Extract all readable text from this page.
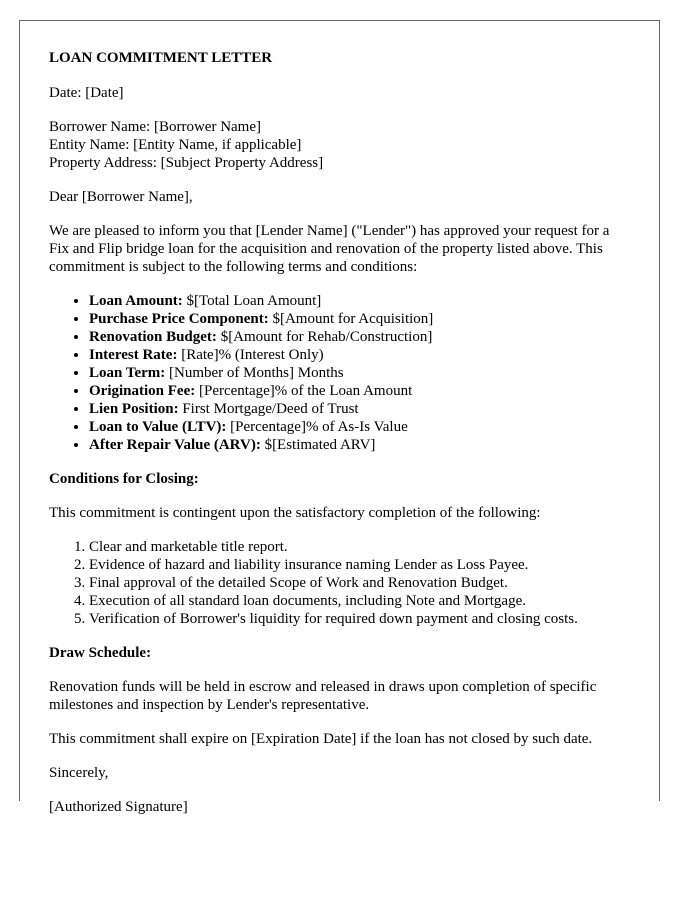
LOAN COMMITMENT LETTER

Date: [Date]

Borrower Name: [Borrower Name]
Entity Name: [Entity Name, if applicable]
Property Address: [Subject Property Address]

Dear [Borrower Name],

We are pleased to inform you that [Lender Name] ("Lender") has approved your request for a Fix and Flip bridge loan for the acquisition and renovation of the property listed above. This commitment is subject to the following terms and conditions:

• Loan Amount: $[Total Loan Amount]
• Purchase Price Component: $[Amount for Acquisition]
• Renovation Budget: $[Amount for Rehab/Construction]
• Interest Rate: [Rate]% (Interest Only)
• Loan Term: [Number of Months] Months
• Origination Fee: [Percentage]% of the Loan Amount
• Lien Position: First Mortgage/Deed of Trust
• Loan to Value (LTV): [Percentage]% of As-Is Value
• After Repair Value (ARV): $[Estimated ARV]
Conditions for Closing:

This commitment is contingent upon the satisfactory completion of the following:

1. Clear and marketable title report.
2. Evidence of hazard and liability insurance naming Lender as Loss Payee.
3. Final approval of the detailed Scope of Work and Renovation Budget.
4. Execution of all standard loan documents, including Note and Mortgage.
5. Verification of Borrower's liquidity for required down payment and closing costs.
Draw Schedule:

Renovation funds will be held in escrow and released in draws upon completion of specific milestones and inspection by Lender's representative.

This commitment shall expire on [Expiration Date] if the loan has not closed by such date.

Sincerely,

[Authorized Signature]
